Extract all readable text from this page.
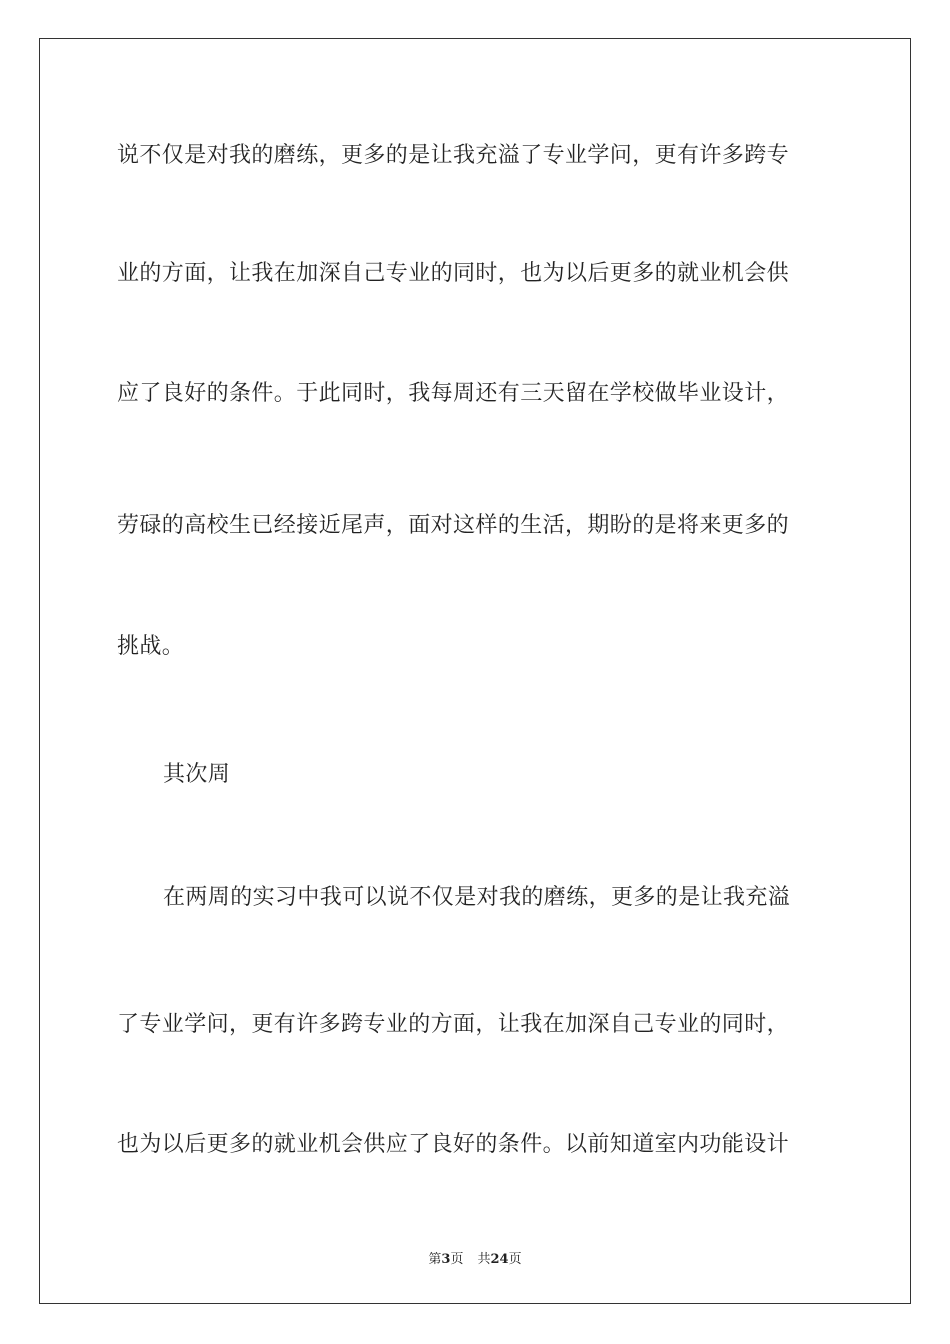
说不仅是对我的磨练，更多的是让我充溢了专业学问，更有许多跨专
业的方面，让我在加深自己专业的同时，也为以后更多的就业机会供
应了良好的条件。于此同时，我每周还有三天留在学校做毕业设计，
劳碌的高校生已经接近尾声，面对这样的生活，期盼的是将来更多的
挑战。
其次周
在两周的实习中我可以说不仅是对我的磨练，更多的是让我充溢
了专业学问，更有许多跨专业的方面，让我在加深自己专业的同时，
也为以后更多的就业机会供应了良好的条件。以前知道室内功能设计
第3页 共24页
